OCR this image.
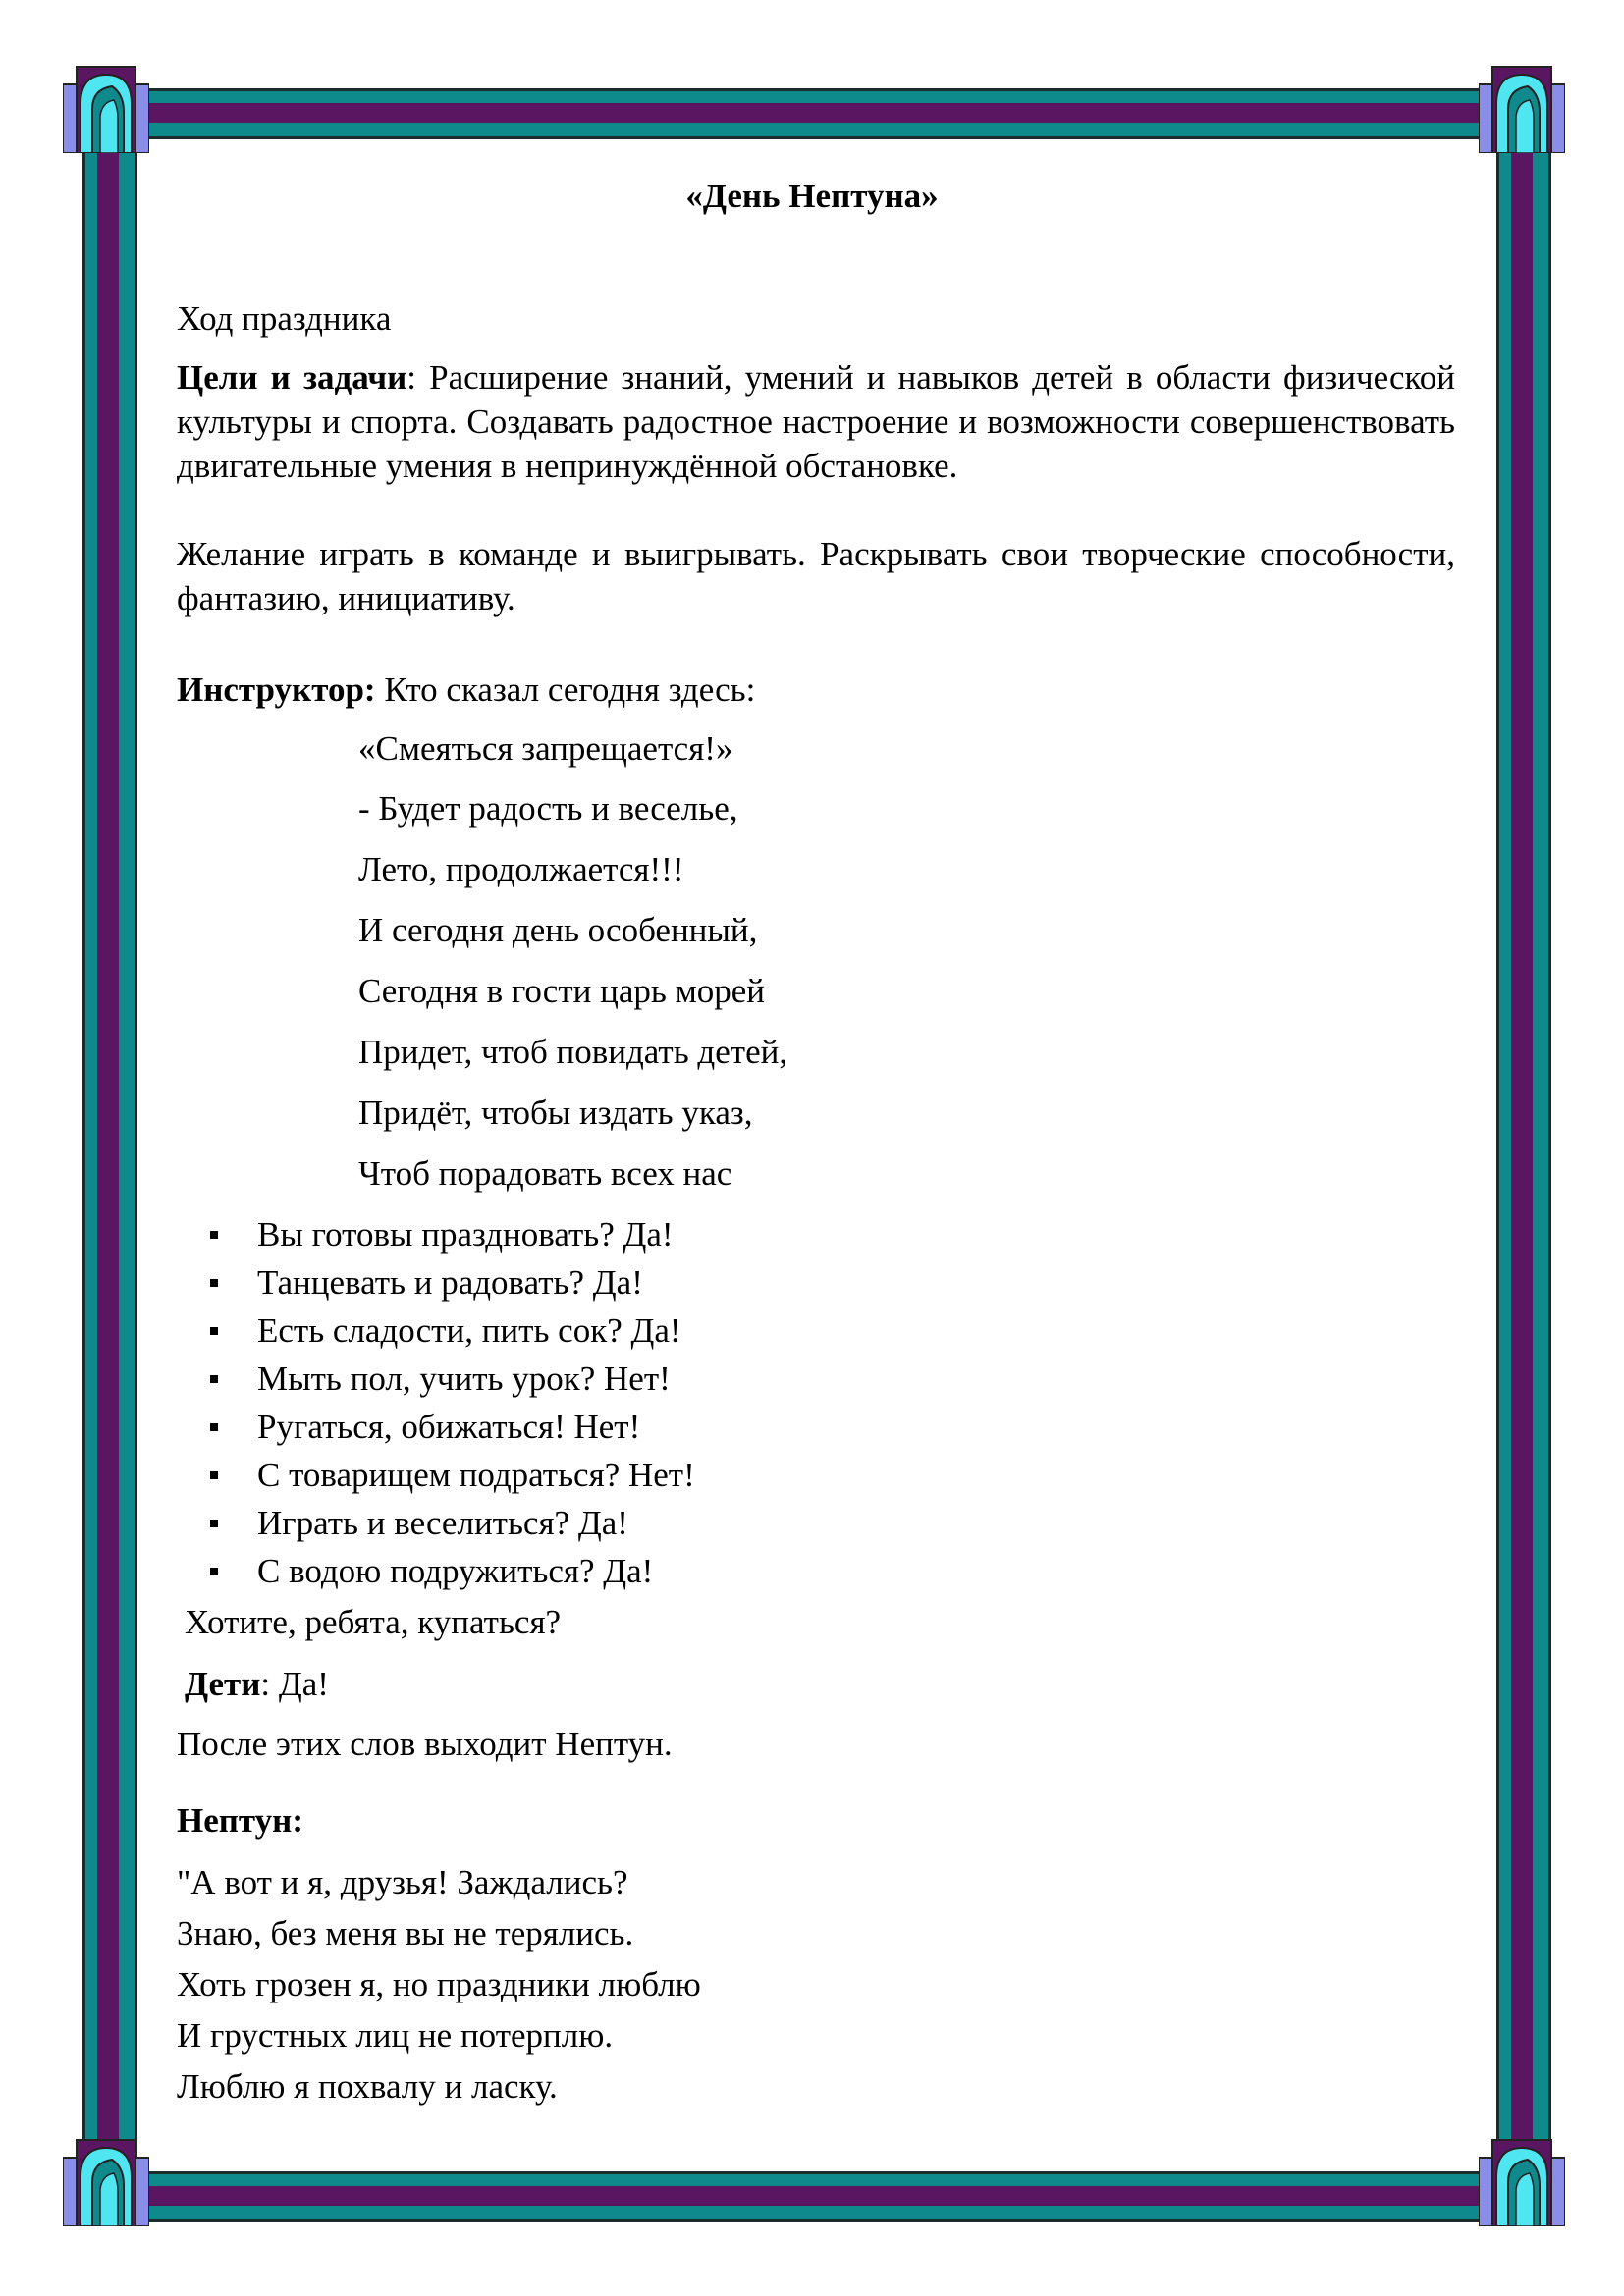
«День Нептуна»
Ход праздника
Цели и задачи: Расширение знаний, умений и навыков детей в области физической культуры и спорта. Создавать радостное настроение и возможности совершенствовать двигательные умения в непринуждённой обстановке.
Желание играть в команде и выигрывать. Раскрывать свои творческие способности, фантазию, инициативу.
Инструктор: Кто сказал сегодня здесь:
«Смеяться запрещается!»
- Будет радость и веселье,
Лето, продолжается!!!
И сегодня день особенный,
Сегодня в гости царь морей
Придет, чтоб повидать детей,
Придёт, чтобы издать указ,
Чтоб порадовать всех нас
Вы готовы праздновать? Да!
Танцевать и радовать? Да!
Есть сладости, пить сок? Да!
Мыть пол, учить урок? Нет!
Ругаться, обижаться! Нет!
С товарищем подраться? Нет!
Играть и веселиться? Да!
С водою подружиться? Да!
Хотите, ребята, купаться?
Дети: Да!
После этих слов выходит Нептун.
Нептун:
"А вот и я, друзья! Заждались?
Знаю, без меня вы не терялись.
Хоть грозен я, но праздники люблю
И грустных лиц не потерплю.
Люблю я похвалу и ласку.
